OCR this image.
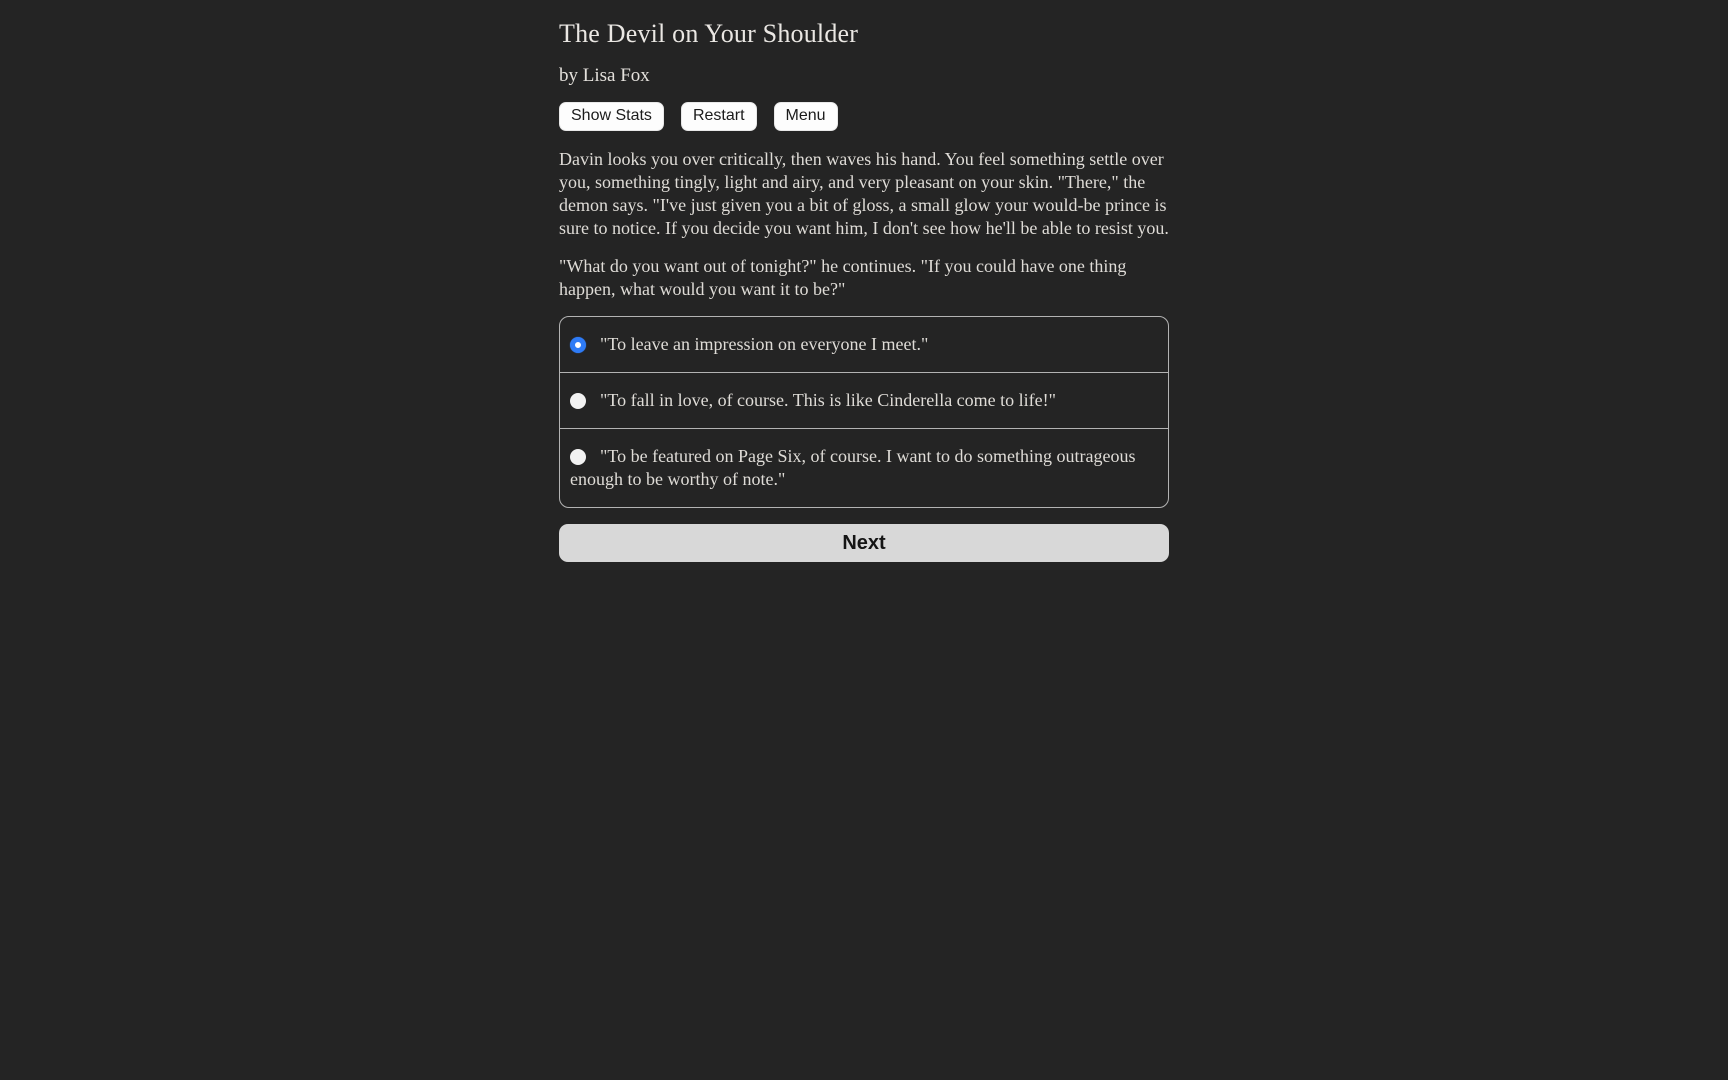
The Devil on Your Shoulder

by Lisa Fox

Show Stats	Restart	Menu

Davin looks you over critically, then waves his hand. You feel something settle over you, something tingly, light and airy, and very pleasant on your skin. "There," the demon says. "I've just given you a bit of gloss, a small glow your would-be prince is sure to notice. If you decide you want him, I don't see how he'll be able to resist you.

"What do you want out of tonight?" he continues. "If you could have one thing happen, what would you want it to be?"

"To leave an impression on everyone I meet."
"To fall in love, of course. This is like Cinderella come to life!"
"To be featured on Page Six, of course. I want to do something outrageous enough to be worthy of note."
Next
